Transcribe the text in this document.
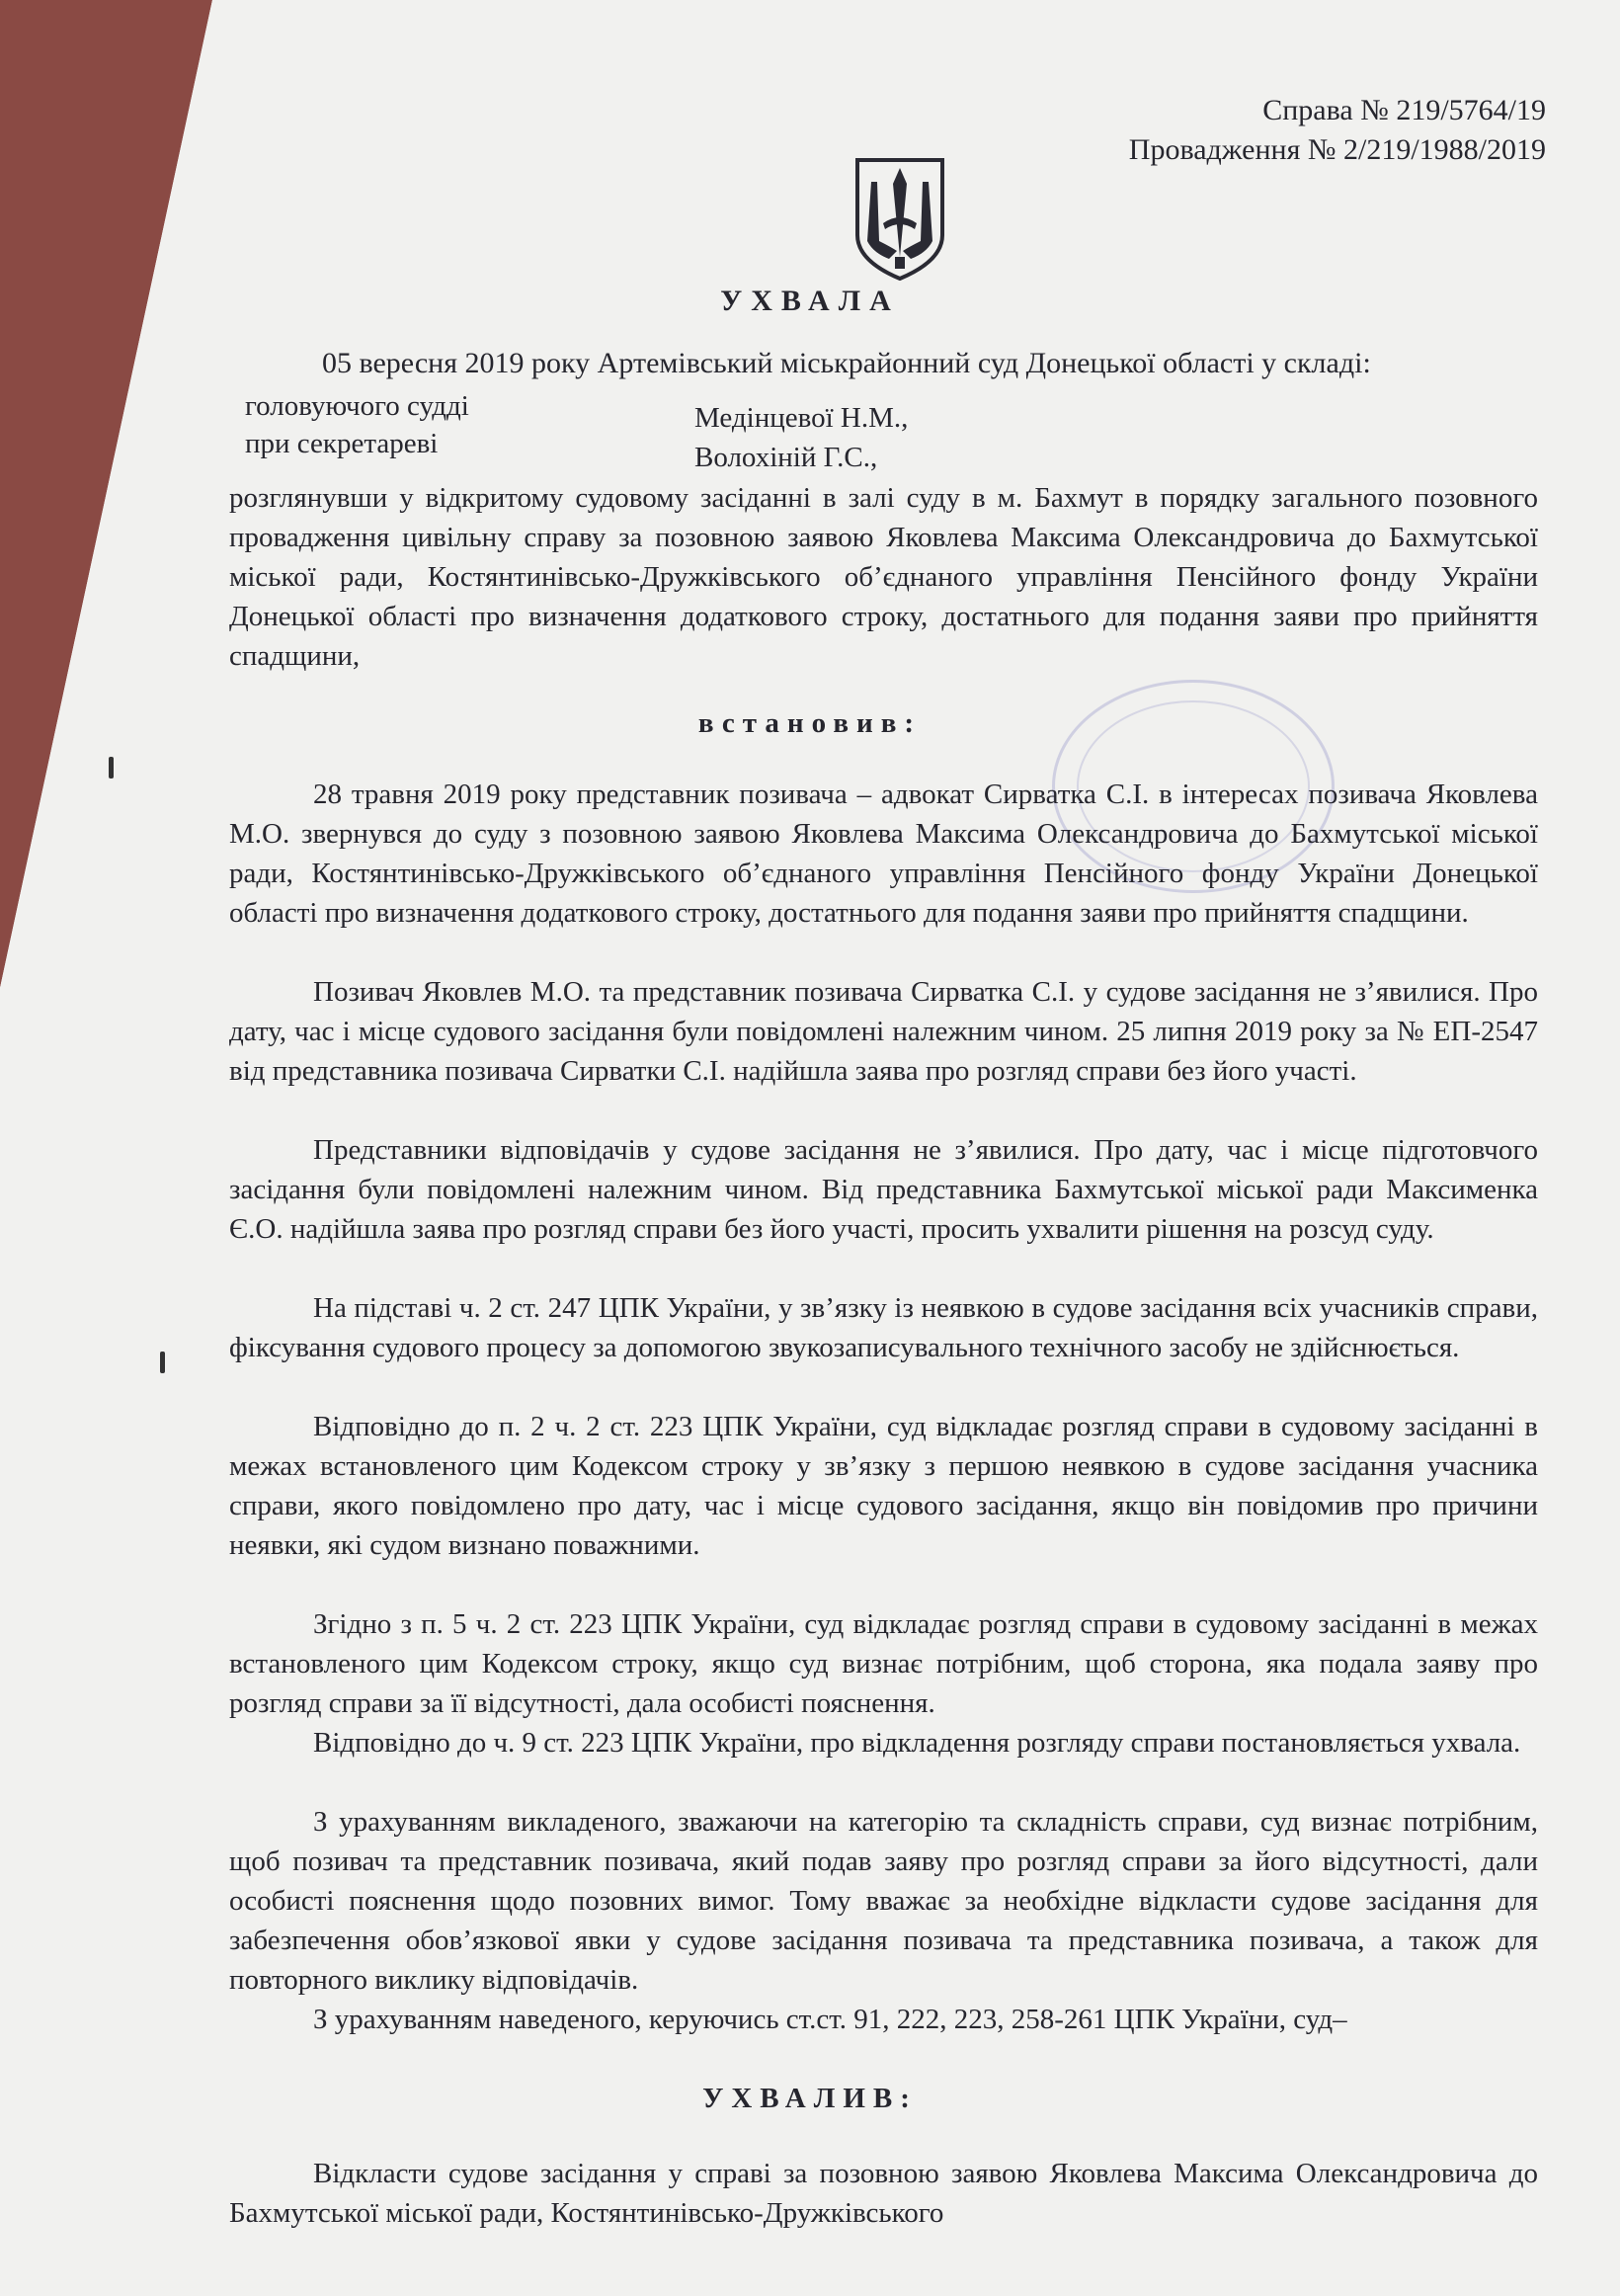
Справа № 219/5764/19
Провадження № 2/219/1988/2019
УХВАЛА
05 вересня 2019 року Артемівський міськрайонний суд Донецької області у складі:
головуючого судді	Медінцевої Н.М.,
при секретареві	Волохіній Г.С.,
розглянувши у відкритому судовому засіданні в залі суду в м. Бахмут в порядку загального позовного провадження цивільну справу за позовною заявою Яковлева Максима Олександровича до Бахмутської міської ради, Костянтинівсько-Дружківського об’єднаного управління Пенсійного фонду України Донецької області про визначення додаткового строку, достатнього для подання заяви про прийняття спадщини,
встановив:
28 травня 2019 року представник позивача – адвокат Сирватка С.І. в інтересах позивача Яковлева М.О. звернувся до суду з позовною заявою Яковлева Максима Олександровича до Бахмутської міської ради, Костянтинівсько-Дружківського об’єднаного управління Пенсійного фонду України Донецької області про визначення додаткового строку, достатнього для подання заяви про прийняття спадщини.
Позивач Яковлев М.О. та представник позивача Сирватка С.І. у судове засідання не з’явилися. Про дату, час і місце судового засідання були повідомлені належним чином. 25 липня 2019 року за № ЕП-2547 від представника позивача Сирватки С.І. надійшла заява про розгляд справи без його участі.
Представники відповідачів у судове засідання не з’явилися. Про дату, час і місце підготовчого засідання були повідомлені належним чином. Від представника Бахмутської міської ради Максименка Є.О. надійшла заява про розгляд справи без його участі, просить ухвалити рішення на розсуд суду.
На підставі ч. 2 ст. 247 ЦПК України, у зв’язку із неявкою в судове засідання всіх учасників справи, фіксування судового процесу за допомогою звукозаписувального технічного засобу не здійснюється.
Відповідно до п. 2 ч. 2 ст. 223 ЦПК України, суд відкладає розгляд справи в судовому засіданні в межах встановленого цим Кодексом строку у зв’язку з першою неявкою в судове засідання учасника справи, якого повідомлено про дату, час і місце судового засідання, якщо він повідомив про причини неявки, які судом визнано поважними.
Згідно з п. 5 ч. 2 ст. 223 ЦПК України, суд відкладає розгляд справи в судовому засіданні в межах встановленого цим Кодексом строку, якщо суд визнає потрібним, щоб сторона, яка подала заяву про розгляд справи за її відсутності, дала особисті пояснення.
Відповідно до ч. 9 ст. 223 ЦПК України, про відкладення розгляду справи постановляється ухвала.
З урахуванням викладеного, зважаючи на категорію та складність справи, суд визнає потрібним, щоб позивач та представник позивача, який подав заяву про розгляд справи за його відсутності, дали особисті пояснення щодо позовних вимог. Тому вважає за необхідне відкласти судове засідання для забезпечення обов’язкової явки у судове засідання позивача та представника позивача, а також для повторного виклику відповідачів.
З урахуванням наведеного, керуючись ст.ст. 91, 222, 223, 258-261 ЦПК України, суд–
УХВАЛИВ:
Відкласти судове засідання у справі за позовною заявою Яковлева Максима Олександровича до Бахмутської міської ради, Костянтинівсько-Дружківського
